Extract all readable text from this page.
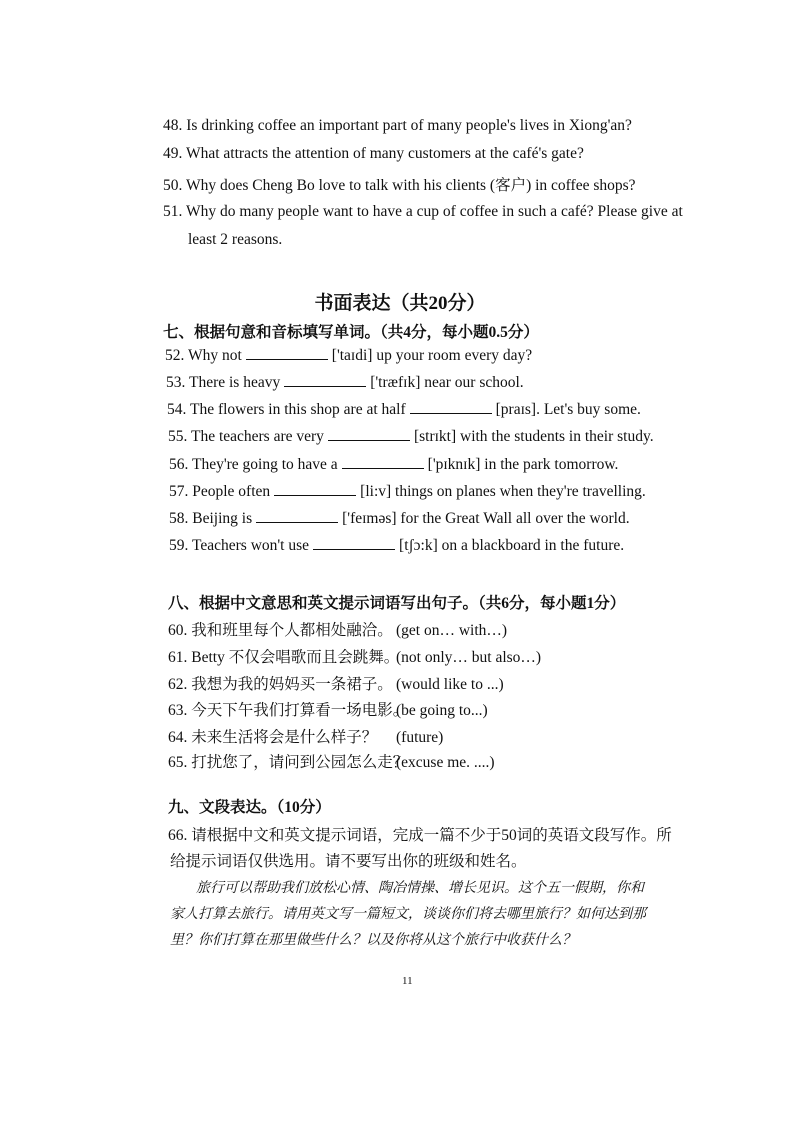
48. Is drinking coffee an important part of many people's lives in Xiong'an?
49. What attracts the attention of many customers at the café's gate?
50. Why does Cheng Bo love to talk with his clients (客户) in coffee shops?
51. Why do many people want to have a cup of coffee in such a café? Please give at
least 2 reasons.
书面表达（共20分）
七、根据句意和音标填写单词。（共4分，每小题0.5分）
52. Why not	['taɪdi] up your room every day?
53. There is heavy	['træfɪk] near our school.
54. The flowers in this shop are at half	[praɪs]. Let's buy some.
55. The teachers are very	[strɪkt] with the students in their study.
56. They're going to have a	['pɪknɪk] in the park tomorrow.
57. People often	[li:v] things on planes when they're travelling.
58. Beijing is	['feɪməs] for the Great Wall all over the world.
59. Teachers won't use	[tʃɔ:k] on a blackboard in the future.
八、根据中文意思和英文提示词语写出句子。（共6分，每小题1分）
60. 我和班里每个人都相处融洽。 (get on… with…)
61. Betty 不仅会唱歌而且会跳舞。(not only… but also…)
62. 我想为我的妈妈买一条裙子。 (would like to ...)
63. 今天下午我们打算看一场电影。(be going to...)
64. 未来生活将会是什么样子？ (future)
65. 打扰您了，请问到公园怎么走？(excuse me. ....)
九、文段表达。（10分）
66. 请根据中文和英文提示词语，完成一篇不少于50词的英语文段写作。所
给提示词语仅供选用。请不要写出你的班级和姓名。
旅行可以帮助我们放松心情、陶冶情操、增长见识。这个五一假期，你和
家人打算去旅行。请用英文写一篇短文，谈谈你们将去哪里旅行？如何达到那
里？你们打算在那里做些什么？以及你将从这个旅行中收获什么？
11
